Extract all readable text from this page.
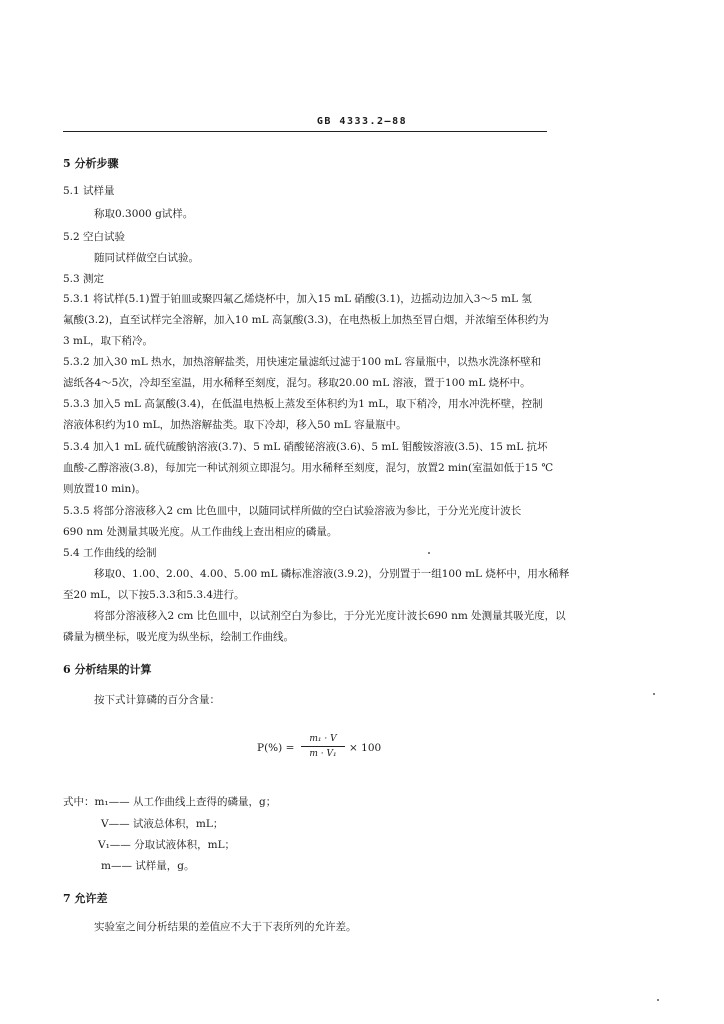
GB 4333.2—88
5 分析步骤
5.1 试样量
称取0.3000 g试样。
5.2 空白试验
随同试样做空白试验。
5.3 测定
5.3.1 将试样(5.1)置于铂皿或聚四氟乙烯烧杯中，加入15 mL 硝酸(3.1)，边摇动边加入3～5 mL 氢
氟酸(3.2)，直至试样完全溶解，加入10 mL 高氯酸(3.3)，在电热板上加热至冒白烟，并浓缩至体积约为
3 mL，取下稍冷。
5.3.2 加入30 mL 热水，加热溶解盐类，用快速定量滤纸过滤于100 mL 容量瓶中，以热水洗涤杯壁和
滤纸各4～5次，冷却至室温，用水稀释至刻度，混匀。移取20.00 mL 溶液，置于100 mL 烧杯中。
5.3.3 加入5 mL 高氯酸(3.4)，在低温电热板上蒸发至体积约为1 mL，取下稍冷，用水冲洗杯壁，控制
溶液体积约为10 mL，加热溶解盐类。取下冷却，移入50 mL 容量瓶中。
5.3.4 加入1 mL 硫代硫酸钠溶液(3.7)、5 mL 硝酸铋溶液(3.6)、5 mL 钼酸铵溶液(3.5)、15 mL 抗坏
血酸-乙醇溶液(3.8)，每加完一种试剂须立即混匀。用水稀释至刻度，混匀，放置2 min(室温如低于15 ℃
则放置10 min)。
5.3.5 将部分溶液移入2 cm 比色皿中，以随同试样所做的空白试验溶液为参比，于分光光度计波长
690 nm 处测量其吸光度。从工作曲线上查出相应的磷量。
5.4 工作曲线的绘制
移取0、1.00、2.00、4.00、5.00 mL 磷标准溶液(3.9.2)，分别置于一组100 mL 烧杯中，用水稀释
至20 mL，以下按5.3.3和5.3.4进行。
将部分溶液移入2 cm 比色皿中，以试剂空白为参比，于分光光度计波长690 nm 处测量其吸光度，以
磷量为横坐标，吸光度为纵坐标，绘制工作曲线。
6 分析结果的计算
按下式计算磷的百分含量：
P(%) =
m₁ · V
m · V₁	× 100
式中：m₁—— 从工作曲线上查得的磷量，g；
V—— 试液总体积，mL；
V₁—— 分取试液体积，mL；
m—— 试样量，g。
7 允许差
实验室之间分析结果的差值应不大于下表所列的允许差。
